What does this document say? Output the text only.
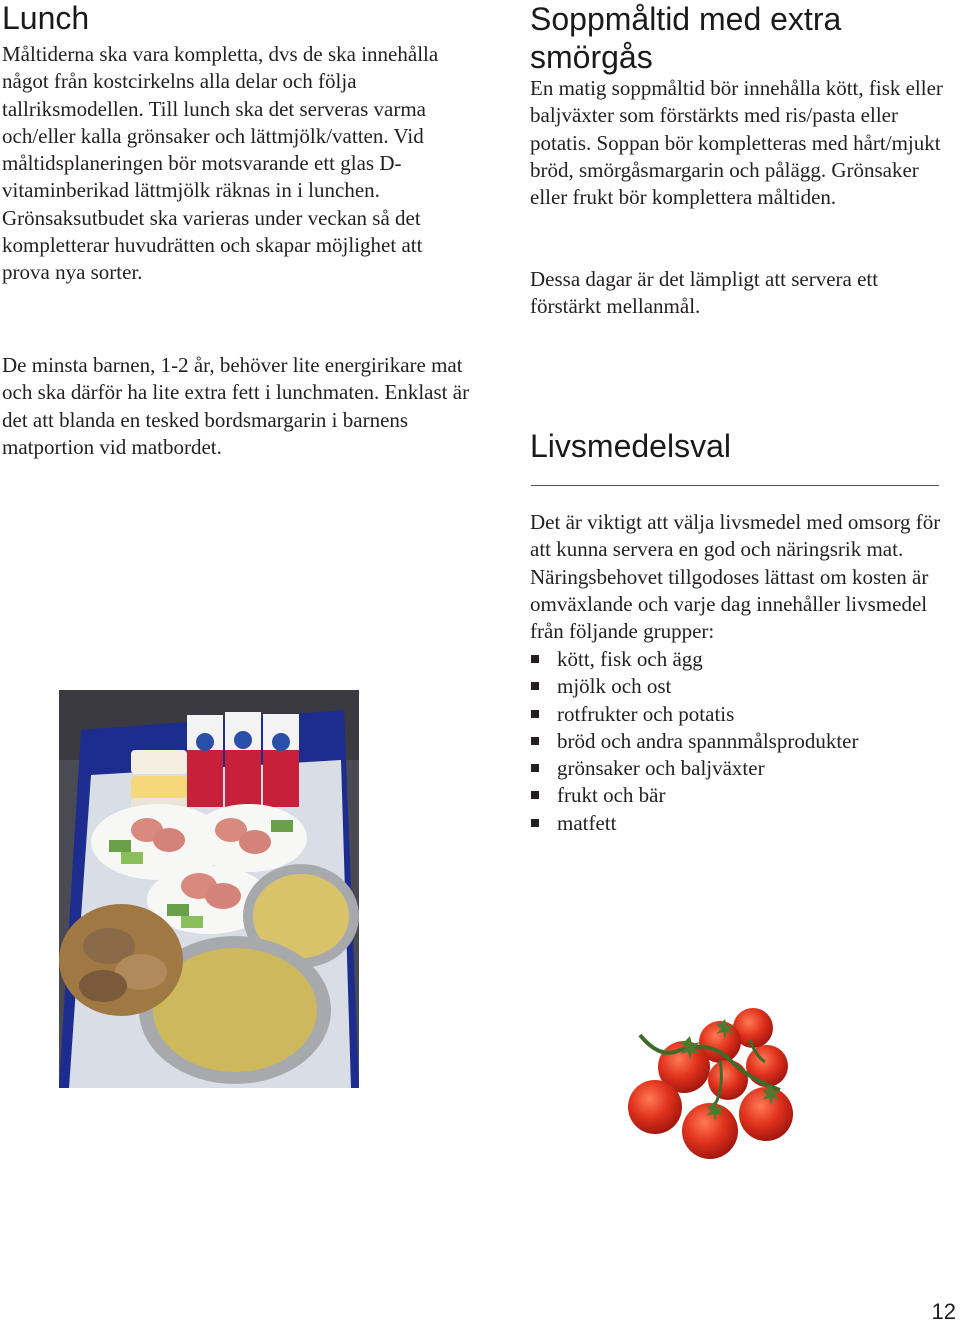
Lunch

Måltiderna ska vara kompletta, dvs de ska innehålla något från kostcirkelns alla delar och följa tallriksmodellen. Till lunch ska det serveras varma och/eller kalla grönsaker och lättmjölk/vatten. Vid måltidsplaneringen bör motsvarande ett glas D-vitaminberikad lättmjölk räknas in i lunchen. Grönsaksutbudet ska varieras under veckan så det kompletterar huvudrätten och skapar möjlighet att prova nya sorter.

De minsta barnen, 1-2 år, behöver lite energirikare mat och ska därför ha lite extra fett i lunchmaten. Enklast är det att blanda en tesked bordsmargarin i barnens matportion vid matbordet.

Soppmåltid med extra smörgås

En matig soppmåltid bör innehålla kött, fisk eller baljväxter som förstärkts med ris/pasta eller potatis. Soppan bör kompletteras med hårt/mjukt bröd, smörgåsmargarin och pålägg. Grönsaker eller frukt bör komplettera måltiden.

Dessa dagar är det lämpligt att servera ett förstärkt mellanmål.

Livsmedelsval

Det är viktigt att välja livsmedel med omsorg för att kunna servera en god och näringsrik mat. Näringsbehovet tillgodoses lättast om kosten är omväxlande och varje dag innehåller livsmedel från följande grupper:

kött, fisk och ägg
mjölk och ost
rotfrukter och potatis
bröd och andra spannmålsprodukter
grönsaker och baljväxter
frukt och bär
matfett
12
